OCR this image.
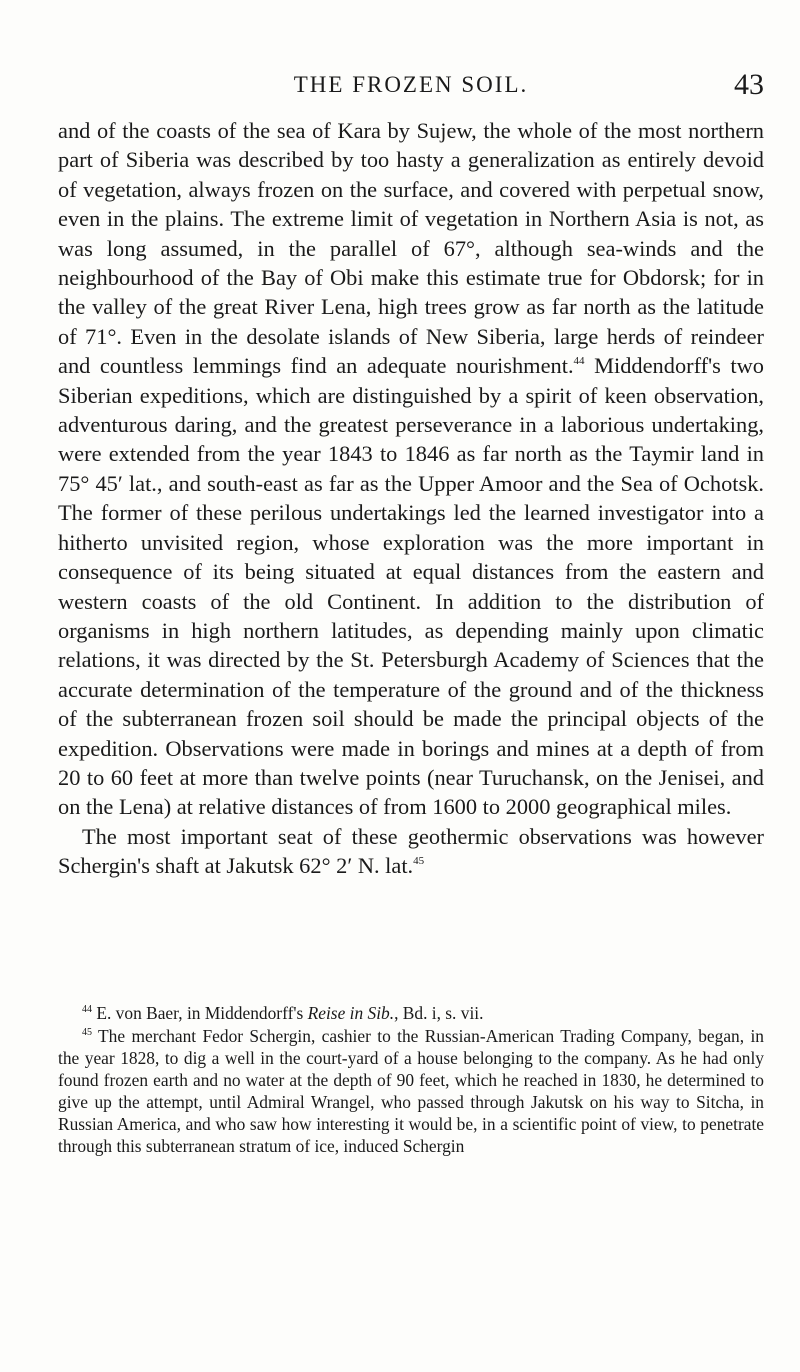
THE FROZEN SOIL.	43

and of the coasts of the sea of Kara by Sujew, the whole of the most northern part of Siberia was described by too hasty a generalization as entirely devoid of vegetation, always frozen on the surface, and covered with perpetual snow, even in the plains. The extreme limit of vegetation in Northern Asia is not, as was long assumed, in the parallel of 67°, although sea-winds and the neighbourhood of the Bay of Obi make this estimate true for Obdorsk; for in the valley of the great River Lena, high trees grow as far north as the latitude of 71°. Even in the desolate islands of New Siberia, large herds of reindeer and countless lemmings find an adequate nourishment.$^{44}$ Middendorff's two Siberian expeditions, which are distinguished by a spirit of keen observation, adventurous daring, and the greatest perseverance in a laborious undertaking, were extended from the year 1843 to 1846 as far north as the Taymir land in 75° 45′ lat., and south-east as far as the Upper Amoor and the Sea of Ochotsk. The former of these perilous undertakings led the learned investigator into a hitherto unvisited region, whose exploration was the more important in consequence of its being situated at equal distances from the eastern and western coasts of the old Continent. In addition to the distribution of organisms in high northern latitudes, as depending mainly upon climatic relations, it was directed by the St. Petersburgh Academy of Sciences that the accurate determination of the temperature of the ground and of the thickness of the subterranean frozen soil should be made the principal objects of the expedition. Observations were made in borings and mines at a depth of from 20 to 60 feet at more than twelve points (near Turuchansk, on the Jenisei, and on the Lena) at relative distances of from 1600 to 2000 geographical miles.

The most important seat of these geothermic observations was however Schergin's shaft at Jakutsk 62° 2′ N. lat.$^{45}$

$^{44}$ E. von Baer, in Middendorff's Reise in Sib., Bd. i, s. vii.

$^{45}$ The merchant Fedor Schergin, cashier to the Russian-American Trading Company, began, in the year 1828, to dig a well in the court-yard of a house belonging to the company. As he had only found frozen earth and no water at the depth of 90 feet, which he reached in 1830, he determined to give up the attempt, until Admiral Wrangel, who passed through Jakutsk on his way to Sitcha, in Russian America, and who saw how interesting it would be, in a scientific point of view, to penetrate through this subterranean stratum of ice, induced Schergin
